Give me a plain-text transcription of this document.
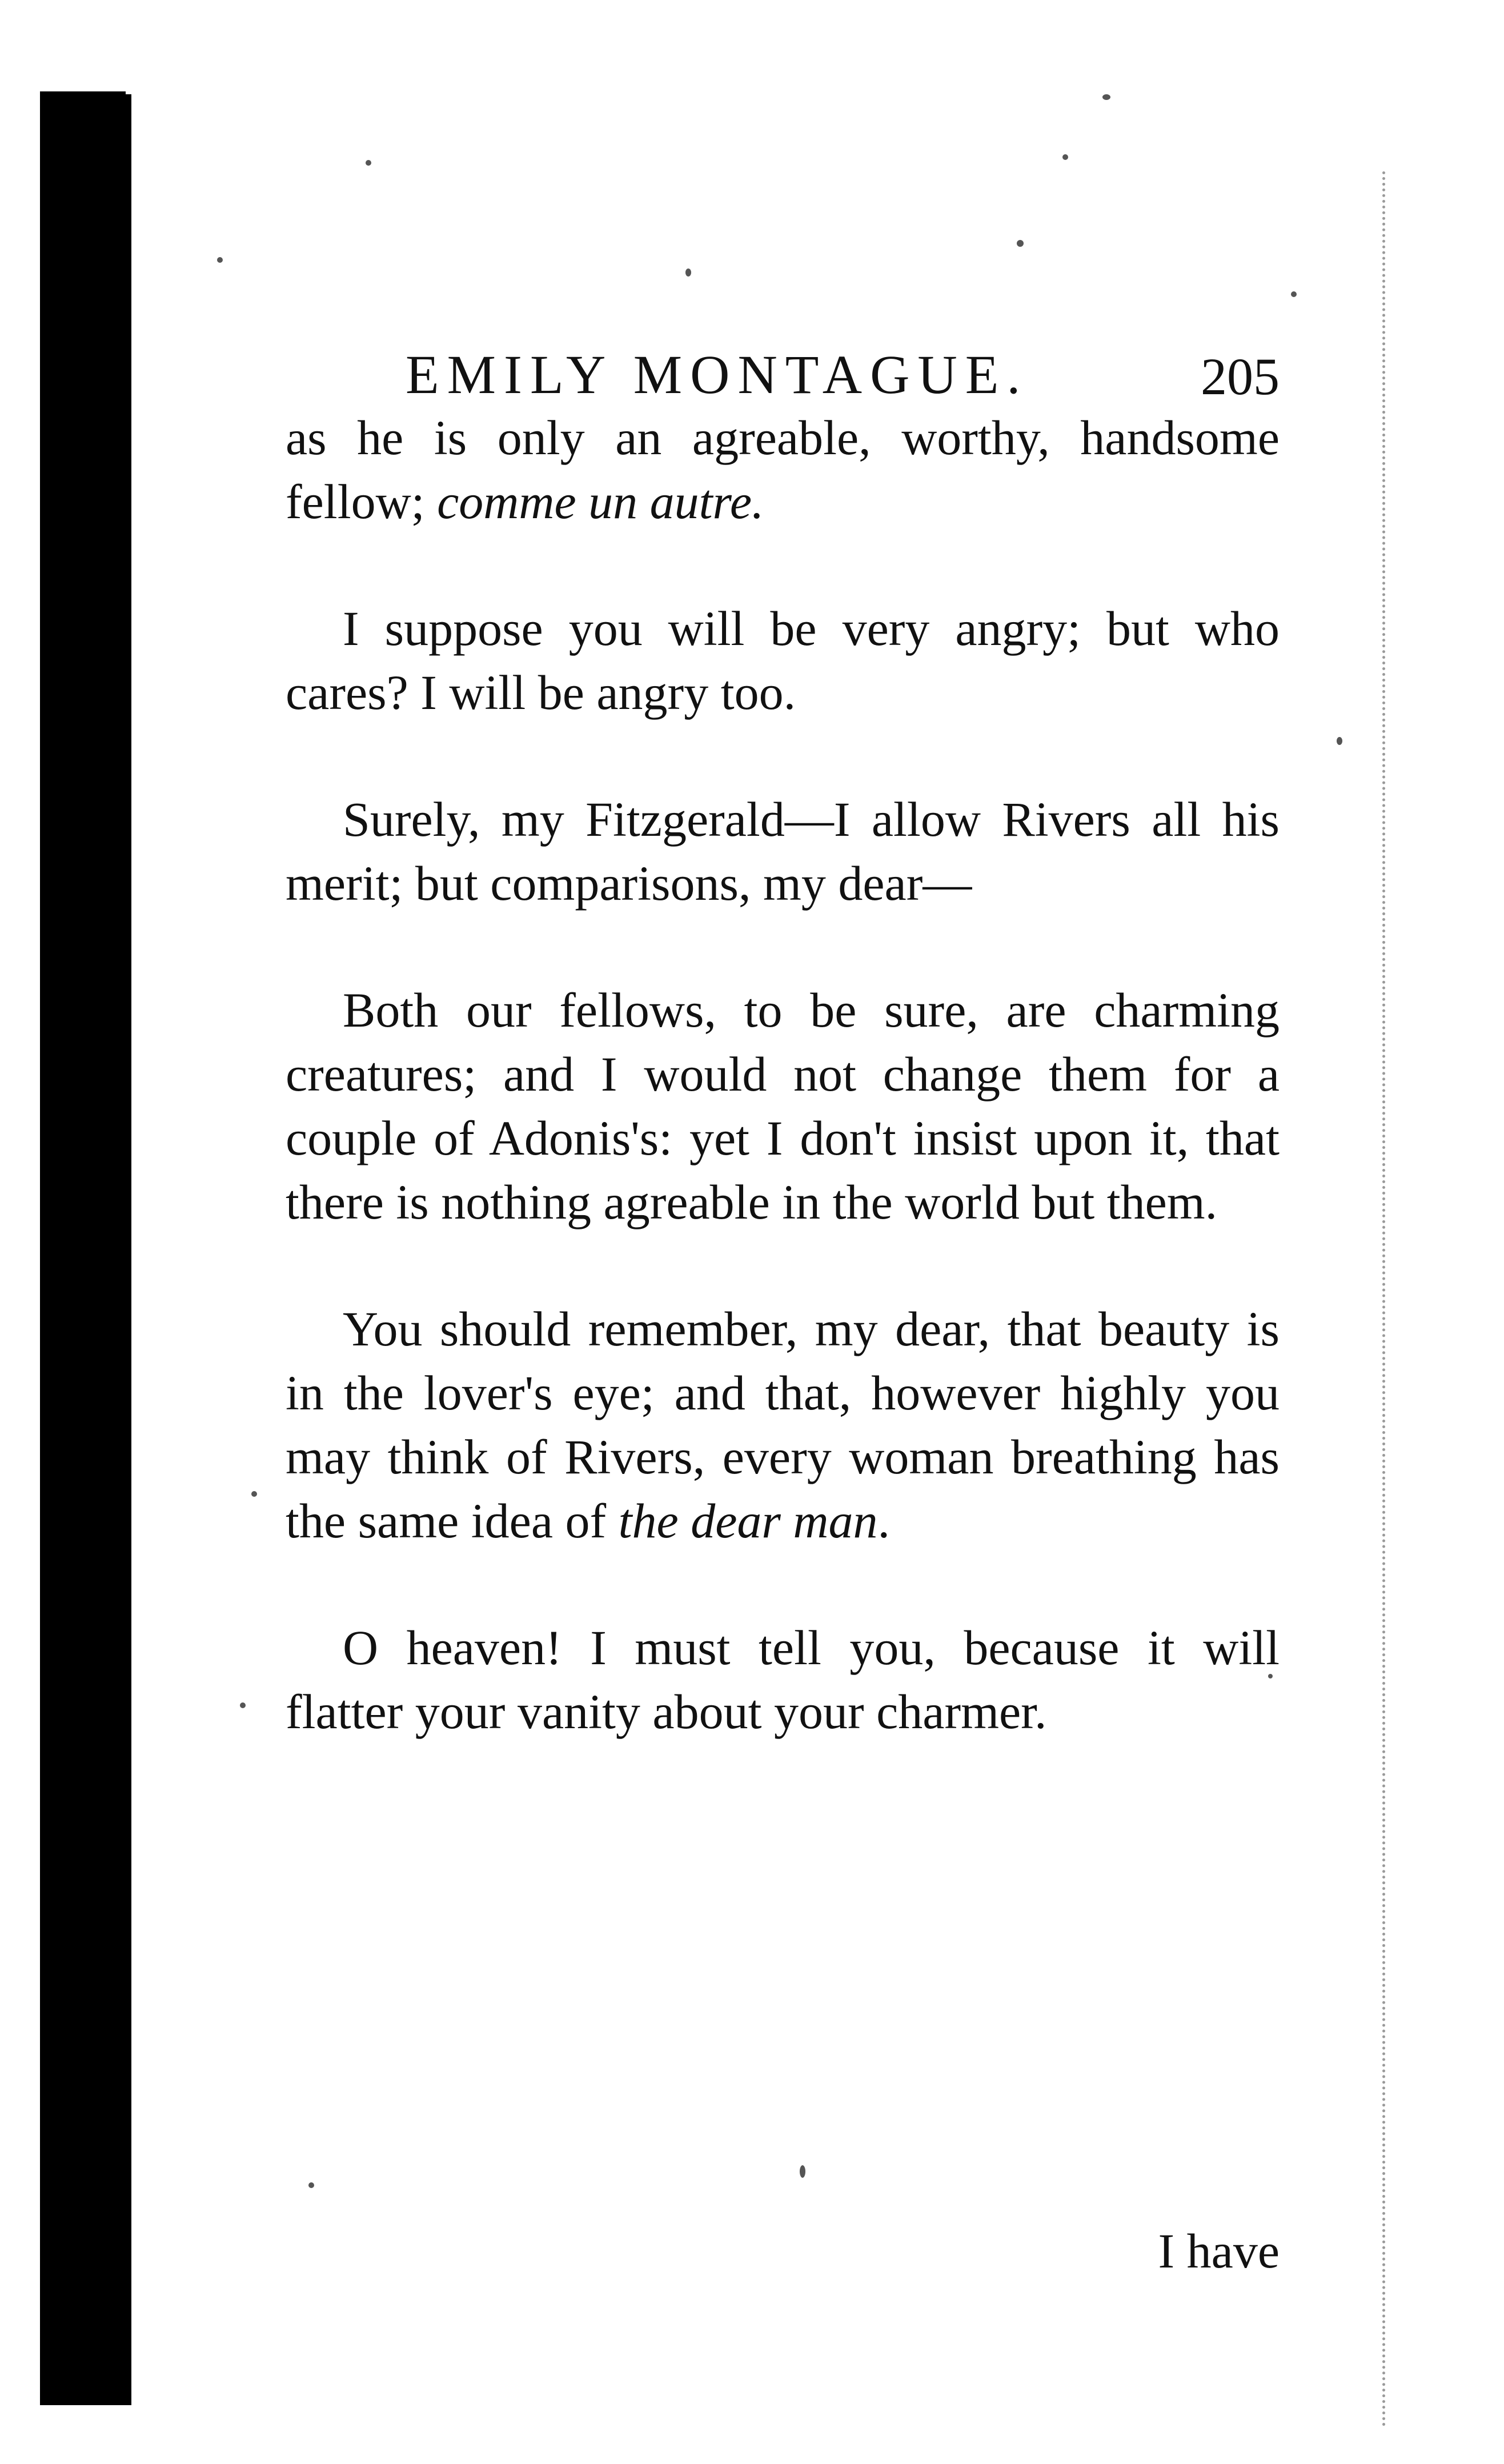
EMILY MONTAGUE.	205

as he is only an agreable, worthy, handsome fellow; comme un autre.

I suppose you will be very angry; but who cares? I will be angry too.

Surely, my Fitzgerald—I allow Rivers all his merit; but comparisons, my dear—

Both our fellows, to be sure, are charming creatures; and I would not change them for a couple of Adonis's: yet I don't insist upon it, that there is nothing agreable in the world but them.

You should remember, my dear, that beauty is in the lover's eye; and that, however highly you may think of Rivers, every woman breathing has the same idea of the dear man.

O heaven! I must tell you, because it will flatter your vanity about your charmer.

I have
